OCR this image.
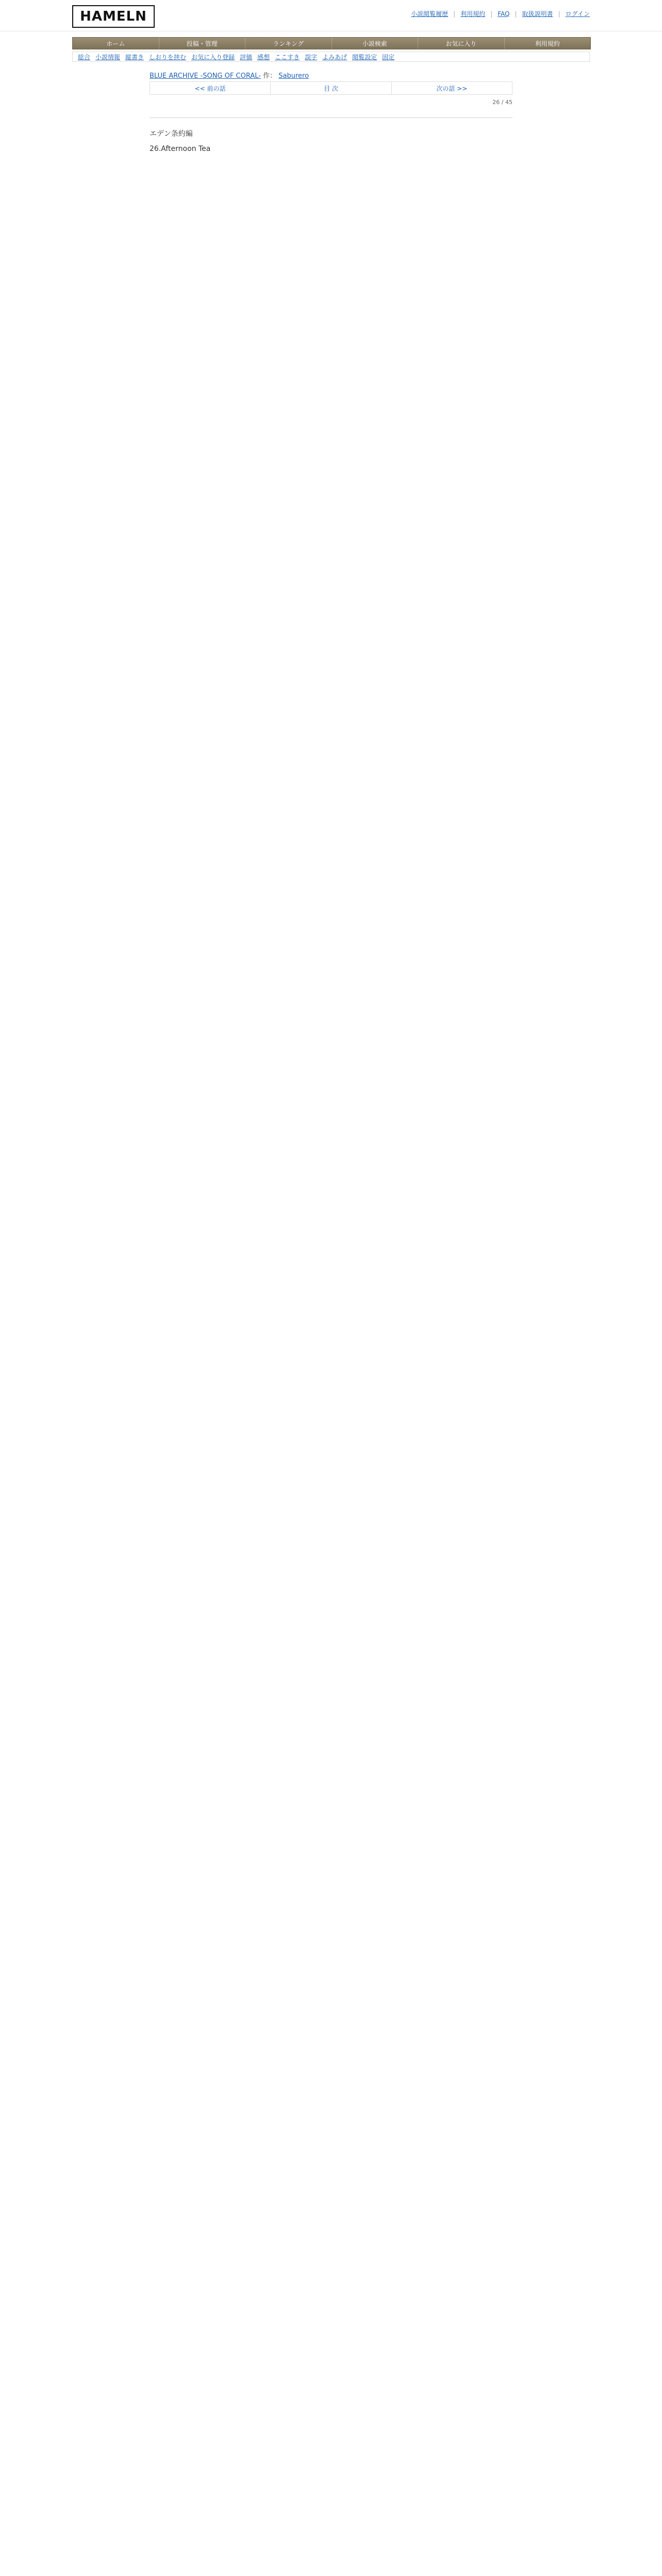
HAMELN	小説閲覧履歴 | 利用規約 | FAQ | 取扱説明書 | ログイン
ホーム	投稿・管理	ランキング	小説検索	お気に入り	利用規約
総合 小説情報 縦書き しおりを挟む お気に入り登録 評価 感想 ここすき 誤字 よみあげ 閲覧設定 固定
BLUE ARCHIVE -SONG OF CORAL- 作： Saburero
<< 前の話	目 次	次の話 >>
26 / 45

エデン条約編
26.Afternoon Tea
